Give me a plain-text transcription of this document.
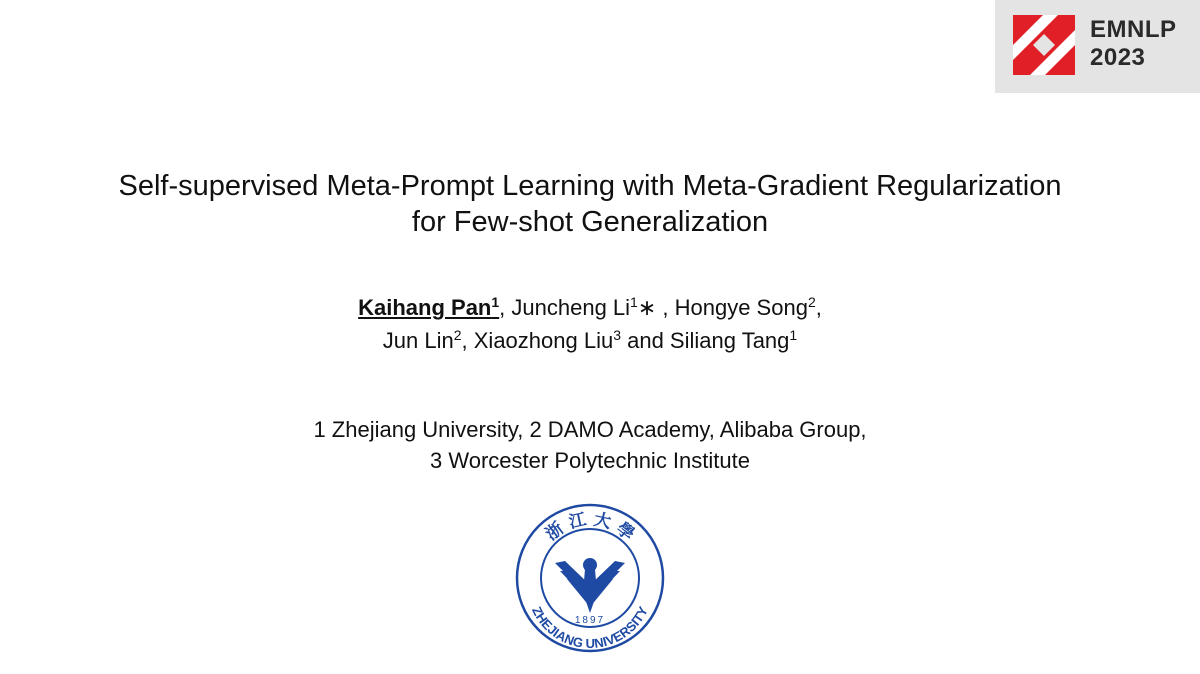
EMNLP
2023
Self-supervised Meta-Prompt Learning with Meta-Gradient Regularization
for Few-shot Generalization
Kaihang Pan$^1$, Juncheng Li$^1$∗ , Hongye Song$^2$,
Jun Lin$^2$, Xiaozhong Liu$^3$ and Siliang Tang$^1$
1 Zhejiang University, 2 DAMO Academy, Alibaba Group,
3 Worcester Polytechnic Institute
浙 江 大 學
ZHEJIANG UNIVERSITY
1897
